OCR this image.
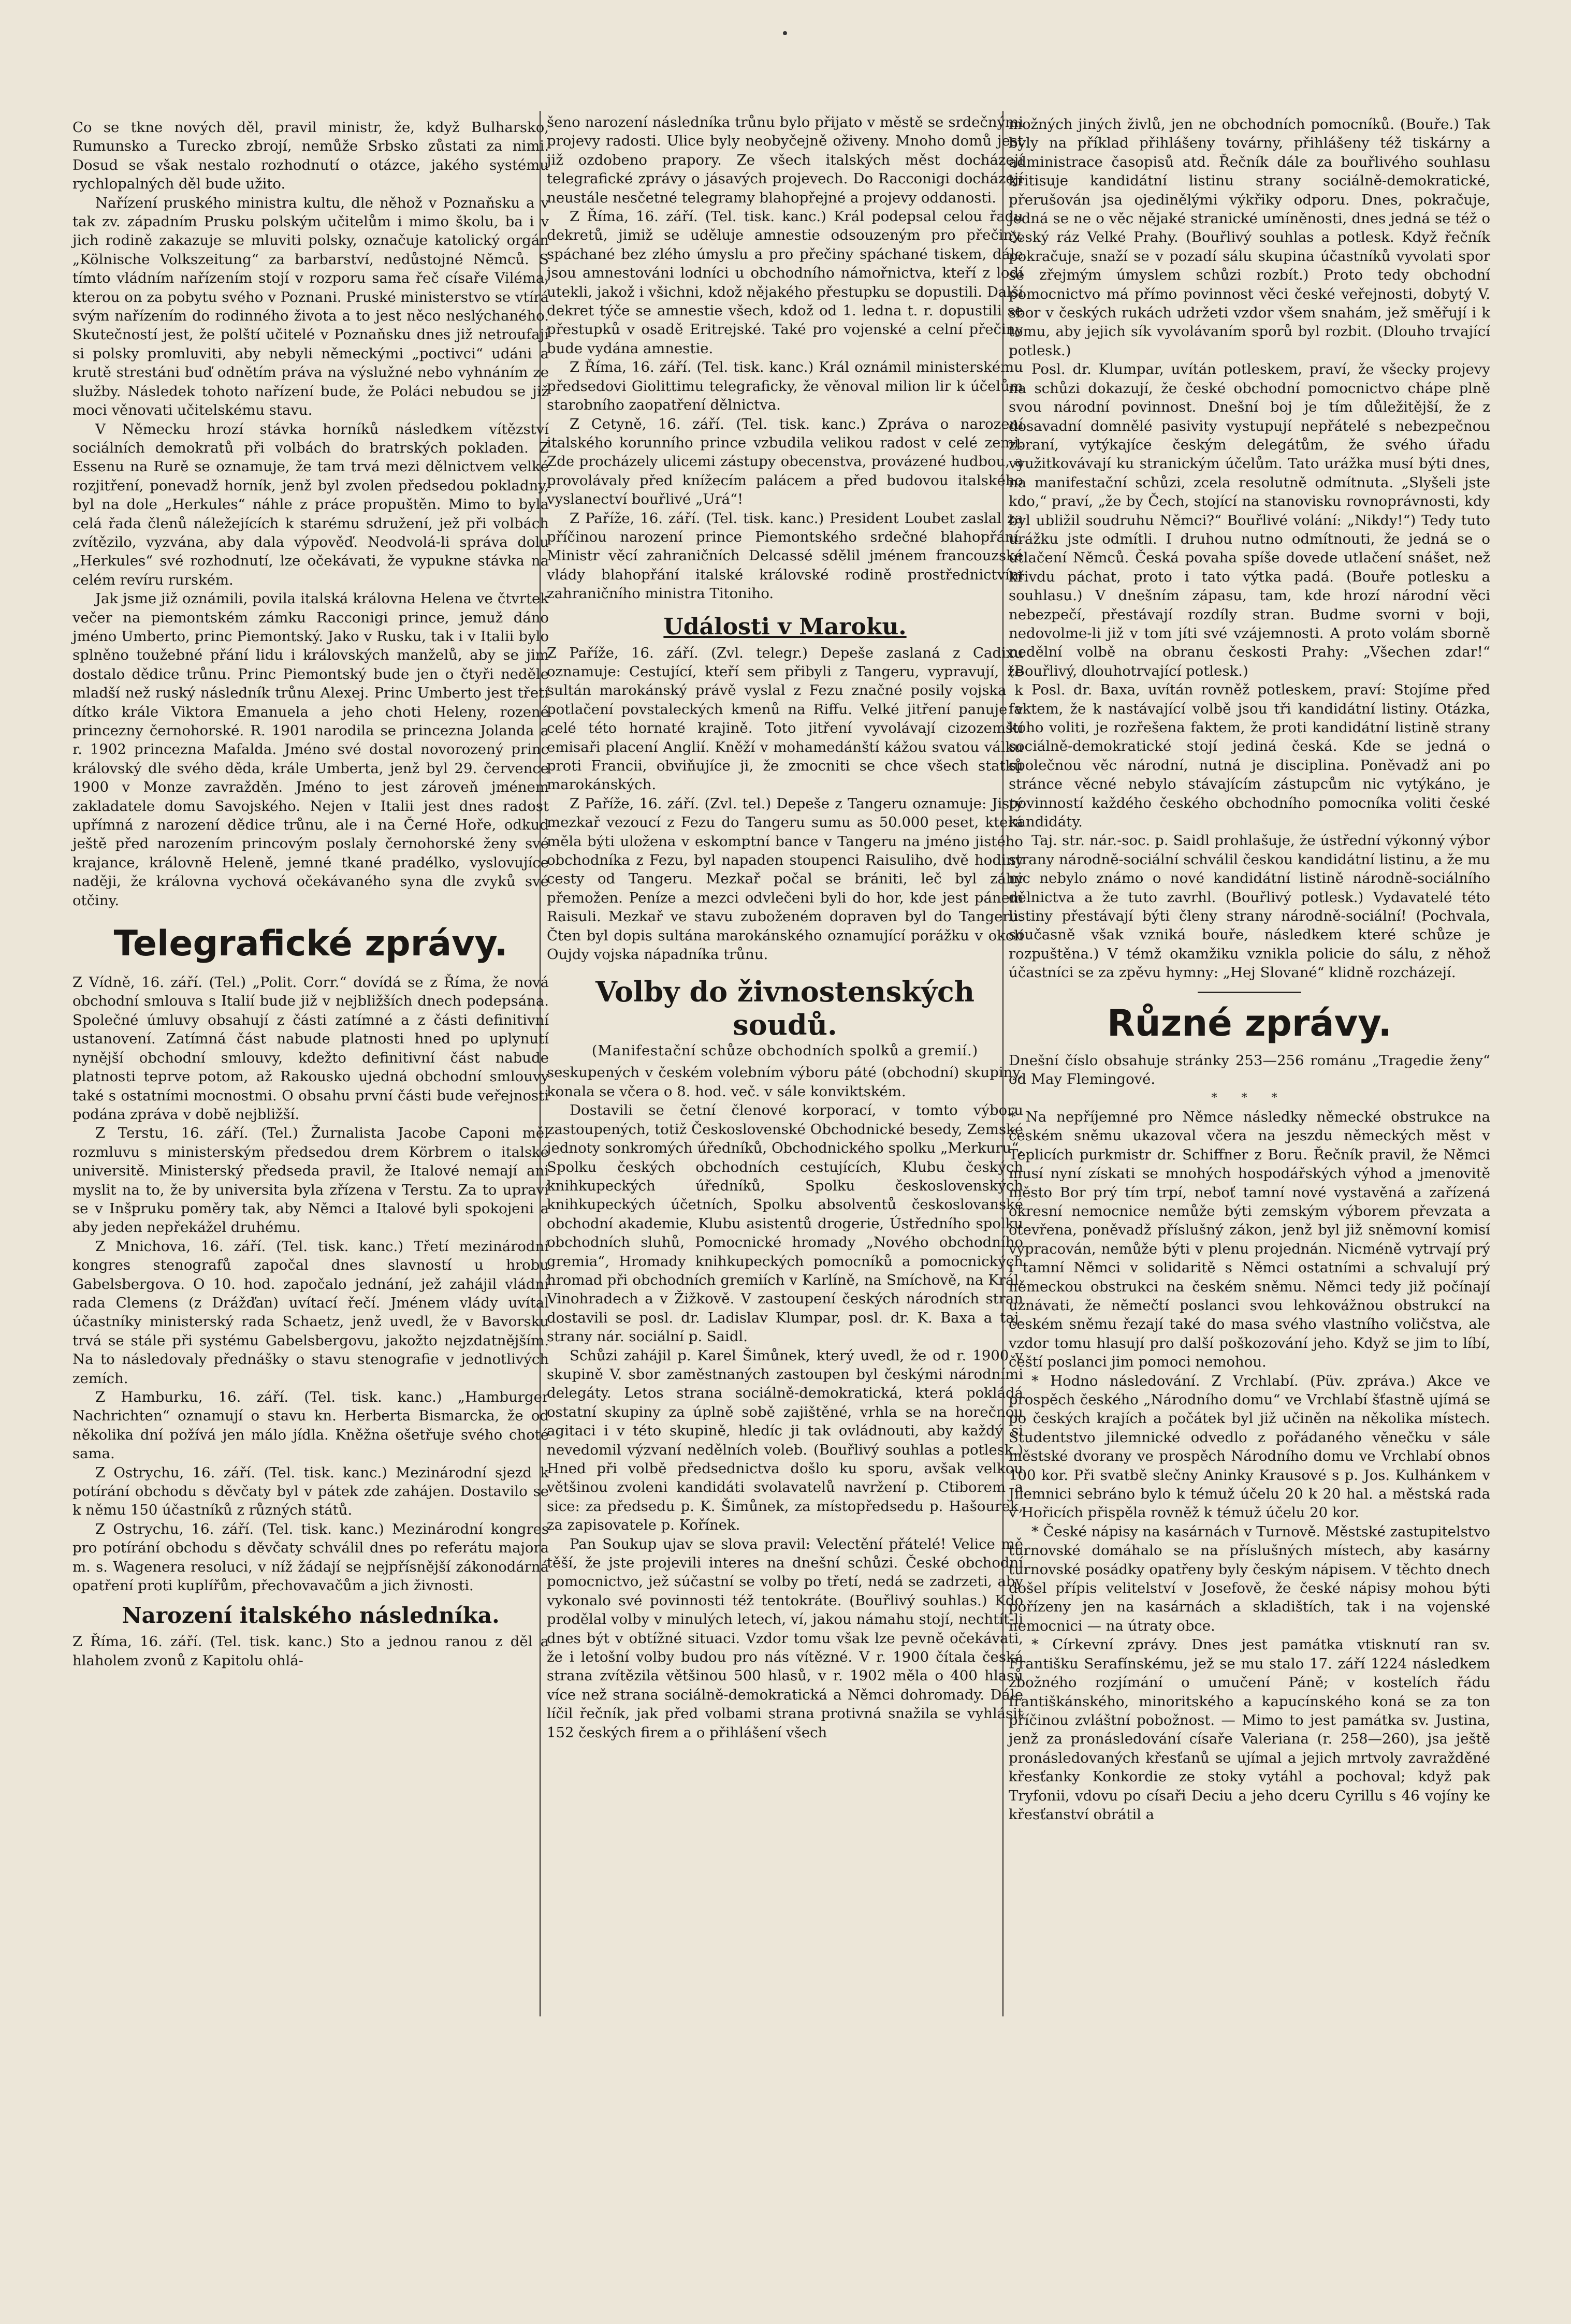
Co se tkne nových děl, pravil ministr, že, když Bulharsko, Rumunsko a Turecko zbrojí, nemůže Srbsko zůstati za nimi. Dosud se však nestalo rozhodnutí o otázce, jakého systému rychlopalných děl bude užito.

Nařízení pruského ministra kultu, dle něhož v Poznaňsku a v tak zv. západním Prusku polským učitelům i mimo školu, ba i v jich rodině zakazuje se mluviti polsky, označuje katolický orgán „Kölnische Volkszeitung“ za barbarství, nedůstojné Němců. S tímto vládním nařízením stojí v rozporu sama řeč císaře Viléma, kterou on za pobytu svého v Poznani. Pruské ministerstvo se vtírá svým nařízením do rodinného života a to jest něco neslýchaného. Skutečností jest, že polští učitelé v Poznaňsku dnes již netroufají si polsky promluviti, aby nebyli německými „poctivci“ udáni a krutě strestáni buď odnětím práva na výslužné nebo vyhnáním ze služby. Následek tohoto nařízení bude, že Poláci nebudou se již moci věnovati učitelskému stavu.

V Německu hrozí stávka horníků následkem vítězství sociálních demokratů při volbách do bratrských pokladen. Z Essenu na Rurě se oznamuje, že tam trvá mezi dělnictvem velké rozjitření, ponevadž horník, jenž byl zvolen předsedou pokladny, byl na dole „Herkules“ náhle z práce propuštěn. Mimo to byla celá řada členů náležejících k starému sdružení, jež při volbách zvítězilo, vyzvána, aby dala výpověď. Neodvolá-li správa dolu „Herkules“ své rozhodnutí, lze očekávati, že vypukne stávka na celém revíru rurském.

Jak jsme již oznámili, povila italská královna Helena ve čtvrtek večer na piemontském zámku Racconigi prince, jemuž dáno jméno Umberto, princ Piemontský. Jako v Rusku, tak i v Italii bylo splněno toužebné přání lidu i královských manželů, aby se jim dostalo dědice trůnu. Princ Piemontský bude jen o čtyři neděle mladší než ruský následník trůnu Alexej. Princ Umberto jest třetí dítko krále Viktora Emanuela a jeho choti Heleny, rozené princezny černohorské. R. 1901 narodila se princezna Jolanda a r. 1902 princezna Mafalda. Jméno své dostal novorozený princ královský dle svého děda, krále Umberta, jenž byl 29. července 1900 v Monze zavražděn. Jméno to jest zároveň jménem zakladatele domu Savojského. Nejen v Italii jest dnes radost upřímná z narození dědice trůnu, ale i na Černé Hoře, odkud ještě před narozením princovým poslaly černohorské ženy své krajance, královně Heleně, jemné tkané pradélko, vyslovujíce naději, že královna vychová očekávaného syna dle zvyků své otčiny.

Telegrafické zprávy.

Z Vídně, 16. září. (Tel.) „Polit. Corr.“ dovídá se z Říma, že nová obchodní smlouva s Italií bude již v nejbližších dnech podepsána. Společné úmluvy obsahují z části zatímné a z části definitivní ustanovení. Zatímná část nabude platnosti hned po uplynutí nynější obchodní smlouvy, kdežto definitivní část nabude platnosti teprve potom, až Rakousko ujedná obchodní smlouvy také s ostatními mocnostmi. O obsahu první části bude veřejnosti podána zpráva v době nejbližší.

Z Terstu, 16. září. (Tel.) Žurnalista Jacobe Caponi měl rozmluvu s ministerským předsedou drem Körbrem o italské universitě. Ministerský předseda pravil, že Italové nemají ani myslit na to, že by universita byla zřízena v Terstu. Za to upraví se v Inšpruku poměry tak, aby Němci a Italové byli spokojeni a aby jeden nepřekážel druhému.

Z Mnichova, 16. září. (Tel. tisk. kanc.) Třetí mezinárodní kongres stenografů započal dnes slavností u hrobu Gabelsbergova. O 10. hod. započalo jednání, jež zahájil vládní rada Clemens (z Drážďan) uvítací řečí. Jménem vlády uvítal účastníky ministerský rada Schaetz, jenž uvedl, že v Bavorsku trvá se stále při systému Gabelsbergovu, jakožto nejzdatnějším. Na to následovaly přednášky o stavu stenografie v jednotlivých zemích.

Z Hamburku, 16. září. (Tel. tisk. kanc.) „Hamburger Nachrichten“ oznamují o stavu kn. Herberta Bismarcka, že od několika dní požívá jen málo jídla. Kněžna ošetřuje svého choté sama.

Z Ostrychu, 16. září. (Tel. tisk. kanc.) Mezinárodní sjezd k potírání obchodu s děvčaty byl v pátek zde zahájen. Dostavilo se k němu 150 účastníků z různých států.

Z Ostrychu, 16. září. (Tel. tisk. kanc.) Mezinárodní kongres pro potírání obchodu s děvčaty schválil dnes po referátu majora m. s. Wagenera resoluci, v níž žádají se nejpřísnější zákonodárná opatření proti kuplířům, přechovavačům a jich živnosti.

Narození italského následníka.

Z Říma, 16. září. (Tel. tisk. kanc.) Sto a jednou ranou z děl a hlaholem zvonů z Kapitolu ohlá-

šeno narození následníka trůnu bylo přijato v městě se srdečnými projevy radosti. Ulice byly neobyčejně oživeny. Mnoho domů jest již ozdobeno prapory. Ze všech italských měst docházejí telegrafické zprávy o jásavých projevech. Do Racconigi docházejí neustále nesčetné telegramy blahopřejné a projevy oddanosti.

Z Říma, 16. září. (Tel. tisk. kanc.) Král podepsal celou řadu dekretů, jimiž se uděluje amnestie odsouzeným pro přečiny, spáchané bez zlého úmyslu a pro přečiny spáchané tiskem, dále jsou amnestováni lodníci u obchodního námořnictva, kteří z lodí utekli, jakož i všichni, kdož nějakého přestupku se dopustili. Další dekret týče se amnestie všech, kdož od 1. ledna t. r. dopustili se přestupků v osadě Eritrejské. Také pro vojenské a celní přečiny bude vydána amnestie.

Z Říma, 16. září. (Tel. tisk. kanc.) Král oznámil ministerskému předsedovi Giolittimu telegraficky, že věnoval milion lir k účelům starobního zaopatření dělnictva.

Z Cetyně, 16. září. (Tel. tisk. kanc.) Zpráva o narození italského korunního prince vzbudila velikou radost v celé zemi. Zde procházely ulicemi zástupy obecenstva, provázené hudbou, a provolávaly před knížecím palácem a před budovou italského vyslanectví bouřlivé „Urá“!

Z Paříže, 16. září. (Tel. tisk. kanc.) President Loubet zaslal za příčinou narození prince Piemontského srdečné blahopřání. Ministr věcí zahraničních Delcassé sdělil jménem francouzské vlády blahopřání italské královské rodině prostřednictvím zahraničního ministra Titoniho.

Události v Maroku.

Z Paříže, 16. září. (Zvl. telegr.) Depeše zaslaná z Cadixu oznamuje: Cestující, kteří sem přibyli z Tangeru, vypravují, že sultán marokánský právě vyslal z Fezu značné posily vojska k potlačení povstaleckých kmenů na Riffu. Velké jitření panuje v celé této hornaté krajině. Toto jitření vyvolávají cizozemští emisaři placení Anglií. Kněží v mohamedánští kážou svatou válku proti Francii, obviňujíce ji, že zmocniti se chce všech statků marokánských.

Z Paříže, 16. září. (Zvl. tel.) Depeše z Tangeru oznamuje: Jistý mezkař vezoucí z Fezu do Tangeru sumu as 50.000 peset, která měla býti uložena v eskomptní bance v Tangeru na jméno jistého obchodníka z Fezu, byl napaden stoupenci Raisuliho, dvě hodiny cesty od Tangeru. Mezkař počal se brániti, leč byl záhy přemožen. Peníze a mezci odvlečeni byli do hor, kde jest pánem Raisuli. Mezkař ve stavu zuboženém dopraven byl do Tangeru. Čten byl dopis sultána marokánského oznamující porážku v okolí Oujdy vojska nápadníka trůnu.

Volby do živnostenských soudů.
(Manifestační schůze obchodních spolků a gremií.)

seskupených v českém volebním výboru páté (obchodní) skupiny, konala se včera o 8. hod. več. v sále konviktském.

Dostavili se četní členové korporací, v tomto výboru zastoupených, totiž Československé Obchodnické besedy, Zemské jednoty sonkromých úředníků, Obchodnického spolku „Merkuru“, Spolku českých obchodních cestujících, Klubu českých knihkupeckých úředníků, Spolku československých knihkupeckých účetních, Spolku absolventů českoslovanské obchodní akademie, Klubu asistentů drogerie, Ústředního spolku obchodních sluhů, Pomocnické hromady „Nového obchodního gremia“, Hromady knihkupeckých pomocníků a pomocnických hromad při obchodních gremiích v Karlíně, na Smíchově, na Král. Vinohradech a v Žižkově. V zastoupení českých národních stran dostavili se posl. dr. Ladislav Klumpar, posl. dr. K. Baxa a taj. strany nár. sociální p. Saidl.

Schůzi zahájil p. Karel Šimůnek, který uvedl, že od r. 1900 v skupině V. sbor zaměstnaných zastoupen byl českými národními delegáty. Letos strana sociálně-demokratická, která pokládá ostatní skupiny za úplně sobě zajištěné, vrhla se na horečnou agitaci i v této skupině, hledíc ji tak ovládnouti, aby každý si nevedomil výzvaní nedělních voleb. (Bouřlivý souhlas a potlesk.) Hned při volbě předsednictva došlo ku sporu, avšak velkou většinou zvoleni kandidáti svolavatelů navržení p. Ctiborem a sice: za předsedu p. K. Šimůnek, za místopředsedu p. Hašourek, za zapisovatele p. Kořínek.

Pan Soukup ujav se slova pravil: Velectění přátelé! Velice mě těší, že jste projevili interes na dnešní schůzi. České obchodní pomocnictvo, jež súčastní se volby po třetí, nedá se zadrzeti, aby vykonalo své povinnosti též tentokráte. (Bouřlivý souhlas.) Kdo prodělal volby v minulých letech, ví, jakou námahu stojí, nechtít-li dnes být v obtížné situaci. Vzdor tomu však lze pevně očekávati, že i letošní volby budou pro nás vítězné. V r. 1900 čítala česká strana zvítězila většinou 500 hlasů, v r. 1902 měla o 400 hlasů více než strana sociálně-demokratická a Němci dohromady. Dále líčil řečník, jak před volbami strana protivná snažila se vyhlásit 152 českých firem a o přihlášení všech

možných jiných živlů, jen ne obchodních pomocníků. (Bouře.) Tak byly na příklad přihlášeny továrny, přihlášeny též tiskárny a administrace časopisů atd. Řečník dále za bouřlivého souhlasu kritisuje kandidátní listinu strany sociálně-demokratické, přerušován jsa ojedinělými výkřiky odporu. Dnes, pokračuje, jedná se ne o věc nějaké stranické umíněnosti, dnes jedná se též o český ráz Velké Prahy. (Bouřlivý souhlas a potlesk. Když řečník pokračuje, snaží se v pozadí sálu skupina účastníků vyvolati spor se zřejmým úmyslem schůzi rozbít.) Proto tedy obchodní pomocnictvo má přímo povinnost věci české veřejnosti, dobytý V. sbor v českých rukách udržeti vzdor všem snahám, jež směřují i k tomu, aby jejich sík vyvolávaním sporů byl rozbit. (Dlouho trvající potlesk.)

Posl. dr. Klumpar, uvítán potleskem, praví, že všecky projevy na schůzi dokazují, že české obchodní pomocnictvo chápe plně svou národní povinnost. Dnešní boj je tím důležitější, že z dosavadní domnělé pasivity vystupují nepřátelé s nebezpečnou zbraní, vytýkajíce českým delegátům, že svého úřadu využitkovávají ku stranickým účelům. Tato urážka musí býti dnes, na manifestační schůzi, zcela resolutně odmítnuta. „Slyšeli jste kdo,“ praví, „že by Čech, stojící na stanovisku rovnoprávnosti, kdy byl ubližil soudruhu Němci?“ Bouřlivé volání: „Nikdy!“) Tedy tuto urážku jste odmítli. I druhou nutno odmítnouti, že jedná se o utlačení Němců. Česká povaha spíše dovede utlačení snášet, než křivdu páchat, proto i tato výtka padá. (Bouře potlesku a souhlasu.) V dnešním zápasu, tam, kde hrozí národní věci nebezpečí, přestávají rozdíly stran. Budme svorni v boji, nedovolme-li již v tom jíti své vzájemnosti. A proto volám sborně nedělní volbě na obranu českosti Prahy: „Všechen zdar!“ (Bouřlivý, dlouhotrvající potlesk.)

Posl. dr. Baxa, uvítán rovněž potleskem, praví: Stojíme před faktem, že k nastávající volbě jsou tři kandidátní listiny. Otázka, koho voliti, je rozřešena faktem, že proti kandidátní listině strany sociálně-demokratické stojí jediná česká. Kde se jedná o společnou věc národní, nutná je disciplina. Poněvadž ani po stránce věcné nebylo stávajícím zástupcům nic vytýkáno, je povinností každého českého obchodního pomocníka voliti české kandidáty.

Taj. str. nár.-soc. p. Saidl prohlašuje, že ústřední výkonný výbor strany národně-sociální schválil českou kandidátní listinu, a že mu nic nebylo známo o nové kandidátní listině národně-sociálního dělnictva a že tuto zavrhl. (Bouřlivý potlesk.) Vydavatelé této listiny přestávají býti členy strany národně-sociální! (Pochvala, současně však vzniká bouře, následkem které schůze je rozpuštěna.) V témž okamžiku vznikla policie do sálu, z něhož účastníci se za zpěvu hymny: „Hej Slované“ klidně rozcházejí.

Různé zprávy.

Dnešní číslo obsahuje stránky 253—256 románu „Tragedie ženy“ od May Flemingové.

* * *

* Na nepříjemné pro Němce následky německé obstrukce na českém sněmu ukazoval včera na jeszdu německých měst v Teplicích purkmistr dr. Schiffner z Boru. Řečník pravil, že Němci musí nyní získati se mnohých hospodářských výhod a jmenovitě město Bor prý tím trpí, neboť tamní nové vystavěná a zařízená okresní nemocnice nemůže býti zemským výborem převzata a otevřena, poněvadž příslušný zákon, jenž byl již sněmovní komisí vypracován, nemůže býti v plenu projednán. Nicméně vytrvají prý i tamní Němci v solidaritě s Němci ostatními a schvalují prý německou obstrukci na českém sněmu. Němci tedy již počínají uznávati, že němečtí poslanci svou lehkovážnou obstrukcí na českém sněmu řezají také do masa svého vlastního voličstva, ale vzdor tomu hlasují pro další poškozování jeho. Když se jim to líbí, čeští poslanci jim pomoci nemohou.

* Hodno následování. Z Vrchlabí. (Püv. zpráva.) Akce ve prospěch českého „Národního domu“ ve Vrchlabí šťastně ujímá se po českých krajích a počátek byl již učiněn na několika místech. Studentstvo jilemnické odvedlo z pořádaného věnečku v sále městské dvorany ve prospěch Národního domu ve Vrchlabí obnos 100 kor. Při svatbě slečny Aninky Krausové s p. Jos. Kulhánkem v Jilemnici sebráno bylo k témuž účelu 20 k 20 hal. a městská rada v Hořicích přispěla rovněž k témuž účelu 20 kor.

* České nápisy na kasárnách v Turnově. Městské zastupitelstvo turnovské domáhalo se na příslušných místech, aby kasárny turnovské posádky opatřeny byly českým nápisem. V těchto dnech došel přípis velitelství v Josefově, že české nápisy mohou býti pořízeny jen na kasárnách a skladištích, tak i na vojenské nemocnici — na útraty obce.

* Církevní zprávy. Dnes jest památka vtisknutí ran sv. Františku Serafínskému, jež se mu stalo 17. září 1224 následkem zbožného rozjímání o umučení Páně; v kostelích řádu františkánského, minoritského a kapucínského koná se za ton příčinou zvláštní pobožnost. — Mimo to jest památka sv. Justina, jenž za pronásledování císaře Valeriana (r. 258—260), jsa ještě pronásledovaných křesťanů se ujímal a jejich mrtvoly zavražděné křesťanky Konkordie ze stoky vytáhl a pochoval; když pak Tryfonii, vdovu po císaři Deciu a jeho dceru Cyrillu s 46 vojíny ke křesťanství obrátil a
